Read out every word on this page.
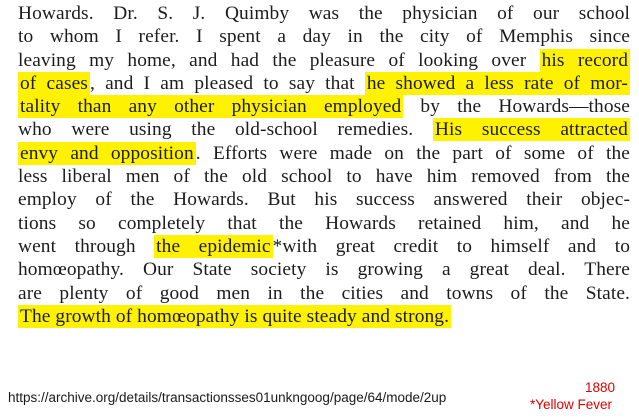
Howards. Dr. S. J. Quimby was the physician of our school
to whom I refer. I spent a day in the city of Memphis since
leaving my home, and had the pleasure of looking over his record
of cases , and I am pleased to say that he showed a less rate of mor-
tality than any other physician employed by the Howards—those
who were using the old-school remedies. His success attracted
envy and opposition . Efforts were made on the part of some of the
less liberal men of the old school to have him removed from the
employ of the Howards. But his success answered their objec-
tions so completely that the Howards retained him, and he
went through the epidemic *with great credit to himself and to
homœopathy. Our State society is growing a great deal. There
are plenty of good men in the cities and towns of the State.
The growth of homœopathy is quite steady and strong.
https://archive.org/details/transactionsses01unkngoog/page/64/mode/2up
1880
*Yellow Fever
